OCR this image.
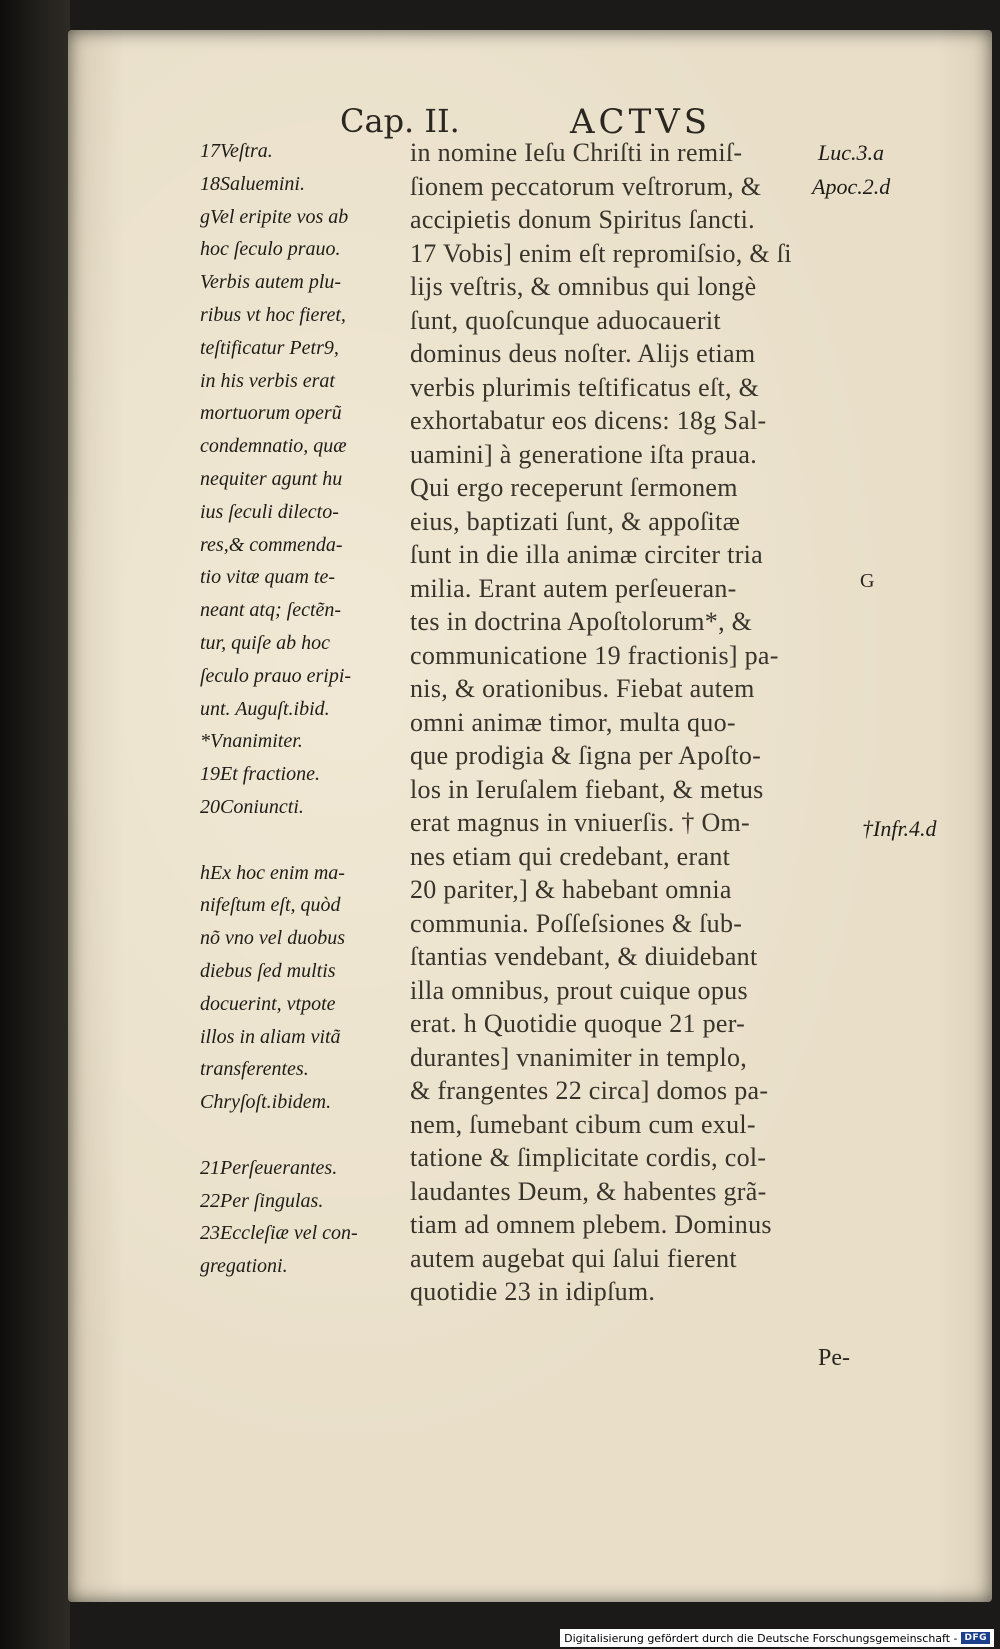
Cap. II.	ACTVS
17Veſtra.
18Saluemini.
gVel eripite vos ab
hoc ſeculo prauo.
Verbis autem plu-
ribus vt hoc fieret,
teſtificatur Petr9,
in his verbis erat
mortuorum operũ
condemnatio, quæ
nequiter agunt hu
ius ſeculi dilecto-
res,& commenda-
tio vitæ quam te-
neant atq; ſectẽn-
tur, quiſe ab hoc
ſeculo prauo eripi-
unt. Auguſt.ibid.
*Vnanimiter.
19Et fractione.
20Coniuncti.
hEx hoc enim ma-
nifeſtum eſt, quòd
nõ vno vel duobus
diebus ſed multis
docuerint, vtpote
illos in aliam vitã
transferentes.
Chryſoſt.ibidem.
21Perſeuerantes.
22Per ſingulas.
23Eccleſiæ vel con-
gregationi.
in nomine Ieſu Chriſti in remiſ-
ſionem peccatorum veſtrorum, &
accipietis donum Spiritus ſancti.
17 Vobis] enim eſt repromiſsio, & ſi
lijs veſtris, & omnibus qui longè
ſunt, quoſcunque aduocauerit
dominus deus noſter. Alijs etiam
verbis plurimis teſtificatus eſt, &
exhortabatur eos dicens: 18g Sal-
uamini] à generatione iſta praua.
Qui ergo receperunt ſermonem
eius, baptizati ſunt, & appoſitæ
ſunt in die illa animæ circiter tria
milia. Erant autem perſeueran-
tes in doctrina Apoſtolorum*, &
communicatione 19 fractionis] pa-
nis, & orationibus. Fiebat autem
omni animæ timor, multa quo-
que prodigia & ſigna per Apoſto-
los in Ieruſalem fiebant, & metus
erat magnus in vniuerſis. † Om-
nes etiam qui credebant, erant
20 pariter,] & habebant omnia
communia. Poſſeſsiones & ſub-
ſtantias vendebant, & diuidebant
illa omnibus, prout cuique opus
erat. h Quotidie quoque 21 per-
durantes] vnanimiter in templo,
& frangentes 22 circa] domos pa-
nem, ſumebant cibum cum exul-
tatione & ſimplicitate cordis, col-
laudantes Deum, & habentes grã-
tiam ad omnem plebem. Dominus
autem augebat qui ſalui fierent
quotidie 23 in idipſum.
Luc.3.a
Apoc.2.d
†Infr.4.d
G
Pe-
Digitalisierung gefördert durch die Deutsche Forschungsgemeinschaft - DFG
